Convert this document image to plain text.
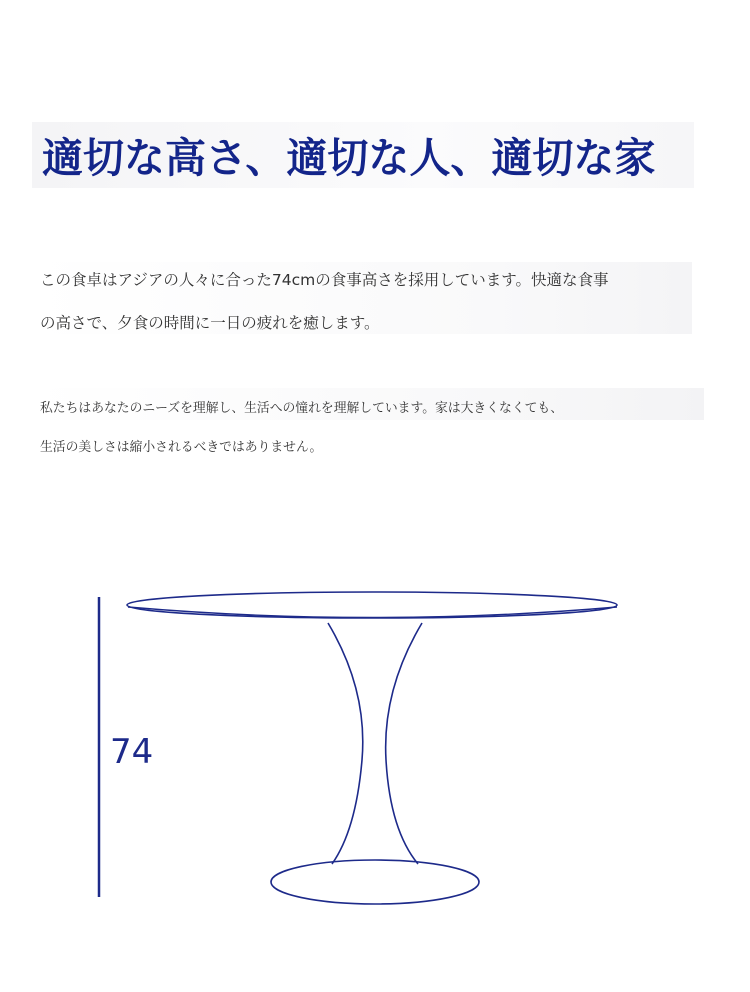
適切な高さ、適切な人、適切な家
この食卓はアジアの人々に合った74cmの食事高さを採用しています。快適な食事
の高さで、夕食の時間に一日の疲れを癒します。
私たちはあなたのニーズを理解し、生活への憧れを理解しています。家は大きくなくても、
生活の美しさは縮小されるべきではありません。
74
